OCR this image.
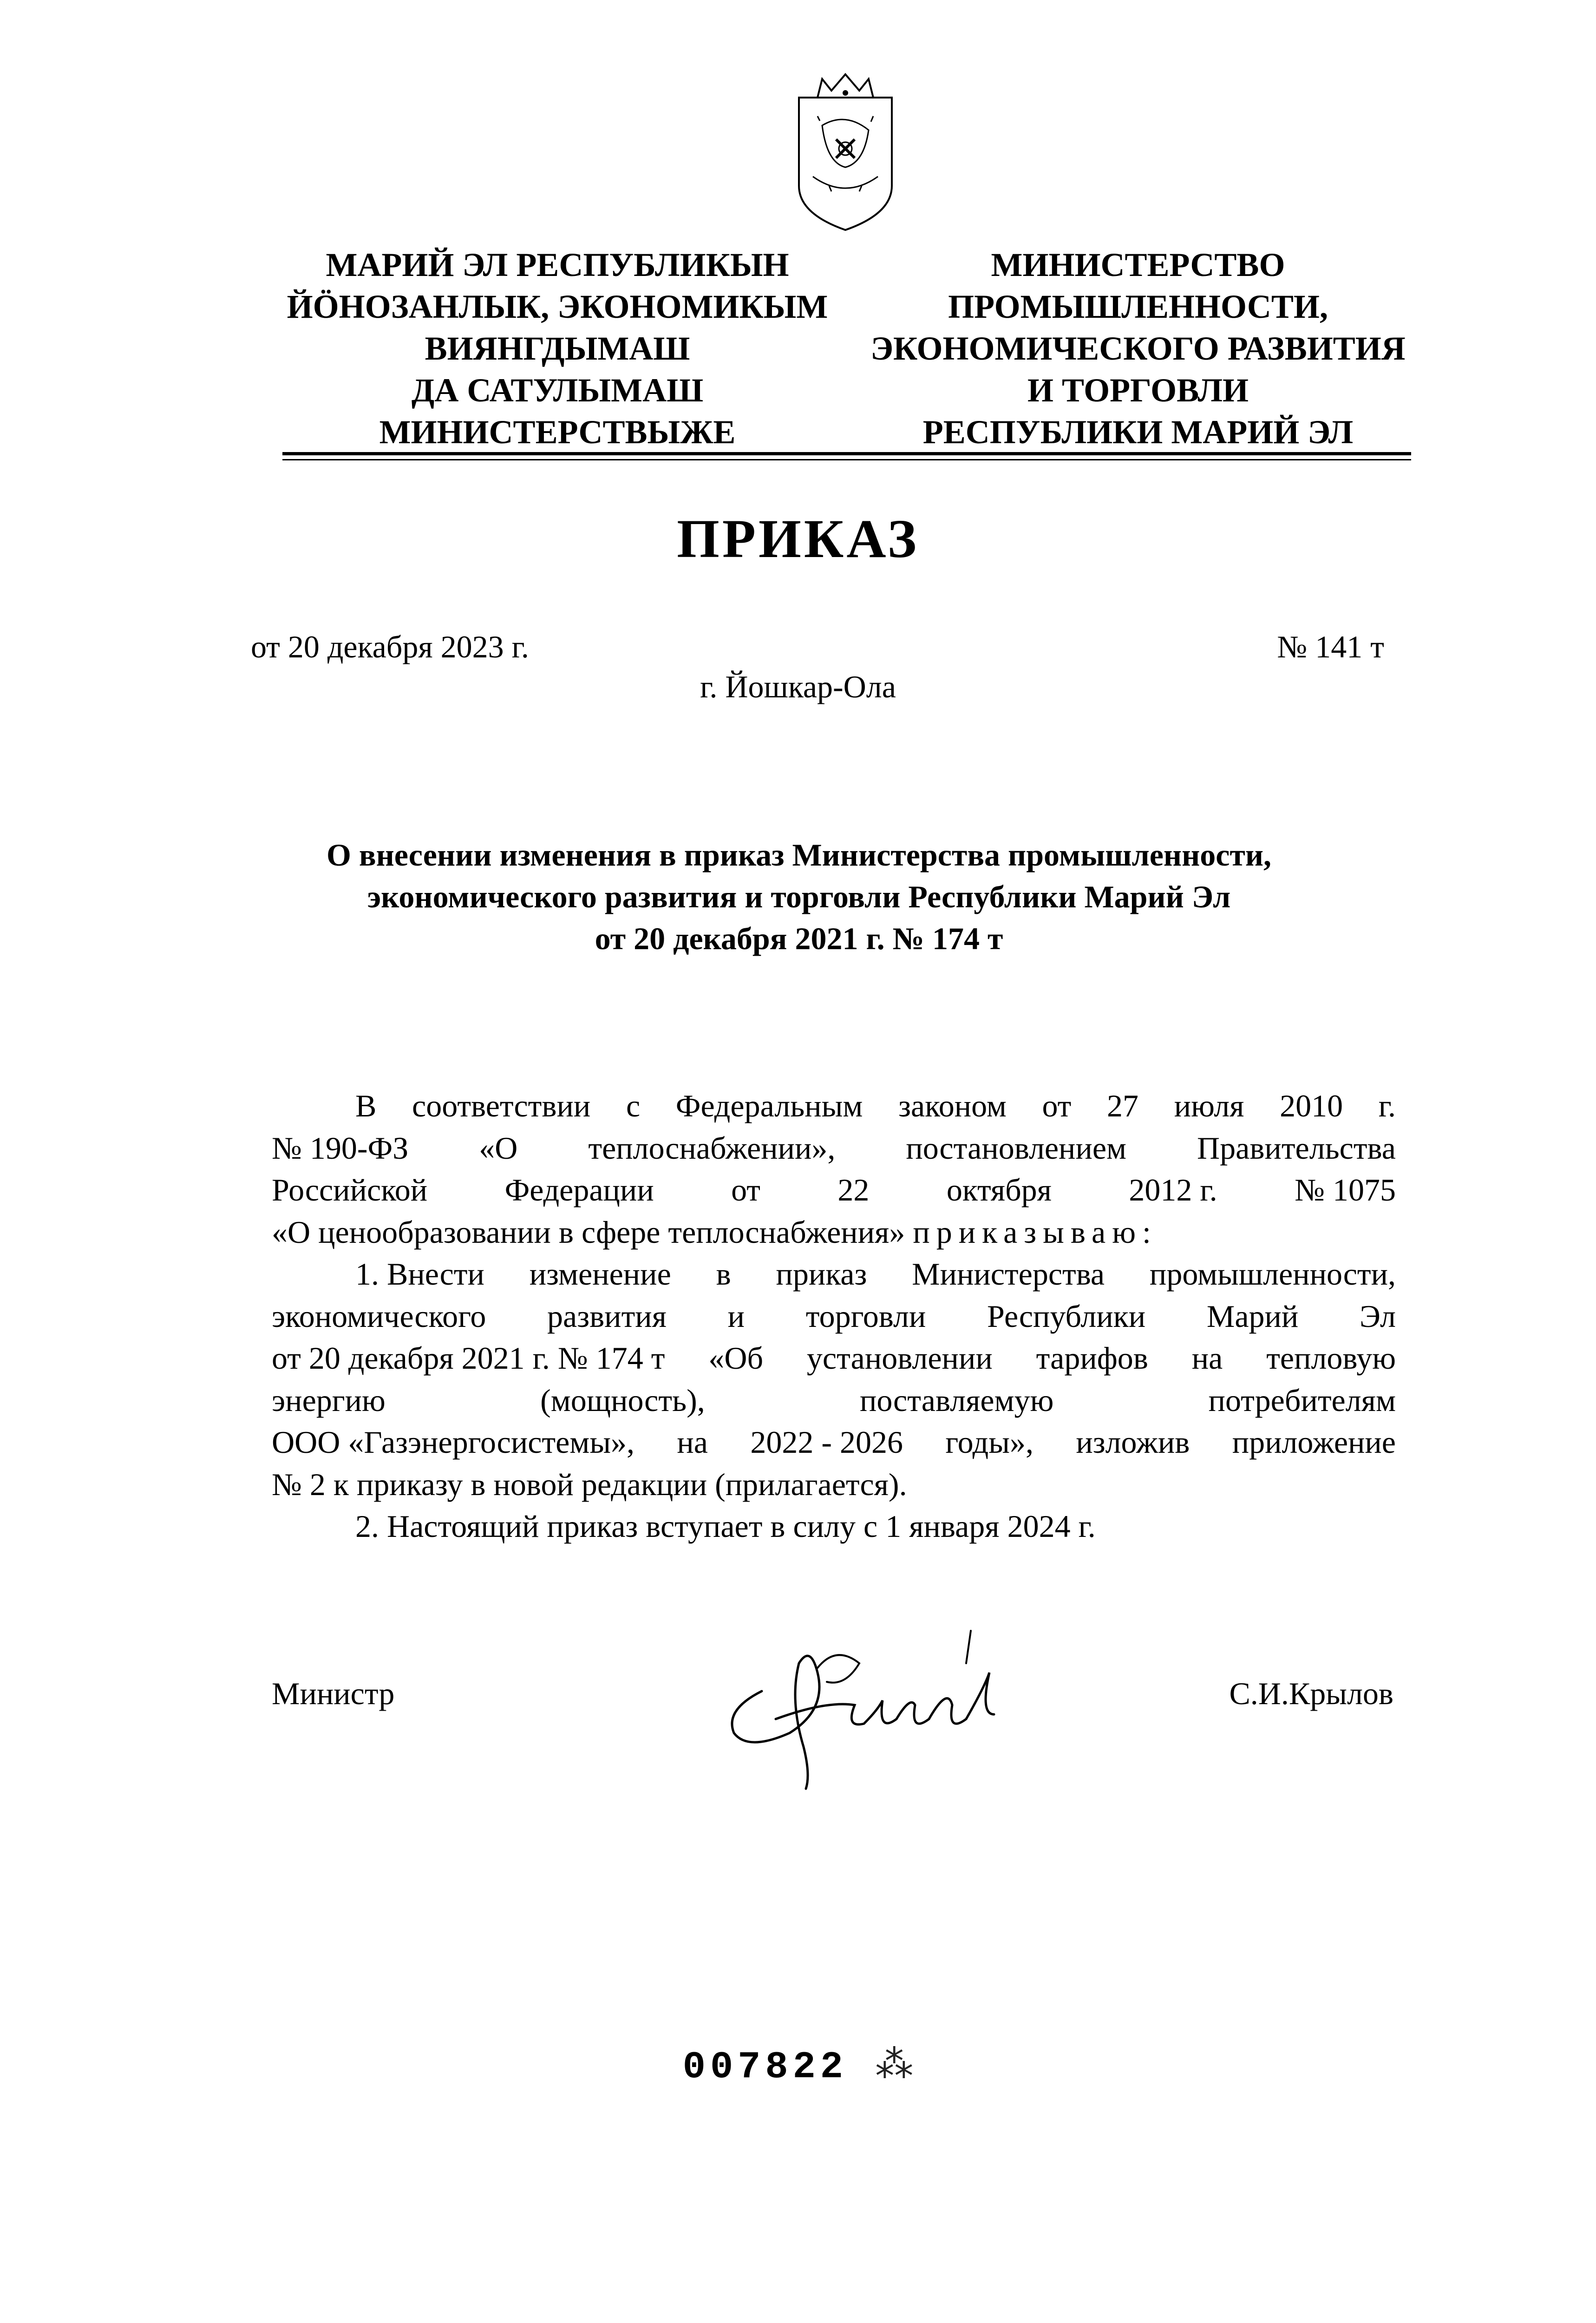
МАРИЙ ЭЛ РЕСПУБЛИКЫН
ЙÖНОЗАНЛЫК, ЭКОНОМИКЫМ
ВИЯНГДЫМАШ
ДА САТУЛЫМАШ
МИНИСТЕРСТВЫЖЕ
МИНИСТЕРСТВО
ПРОМЫШЛЕННОСТИ,
ЭКОНОМИЧЕСКОГО РАЗВИТИЯ
И ТОРГОВЛИ
РЕСПУБЛИКИ МАРИЙ ЭЛ
ПРИКАЗ
от 20 декабря 2023 г.	№ 141 т
г. Йошкар-Ола
О внесении изменения в приказ Министерства промышленности,
экономического развития и торговли Республики Марий Эл
от 20 декабря 2021 г. № 174 т
В соответствии с Федеральным законом от 27 июля 2010 г.
№ 190-ФЗ «О теплоснабжении», постановлением Правительства
Российской Федерации от 22 октября 2012 г. № 1075
«О ценообразовании в сфере теплоснабжения» приказываю:
1. Внести изменение в приказ Министерства промышленности,
экономического развития и торговли Республики Марий Эл
от 20 декабря 2021 г. № 174 т «Об установлении тарифов на тепловую
энергию	(мощность),	поставляемую	потребителям
ООО «Газэнергосистемы», на 2022 - 2026 годы», изложив приложение
№ 2 к приказу в новой редакции (прилагается).
2. Настоящий приказ вступает в силу с 1 января 2024 г.
Министр	С.И.Крылов
007822 ⁂
